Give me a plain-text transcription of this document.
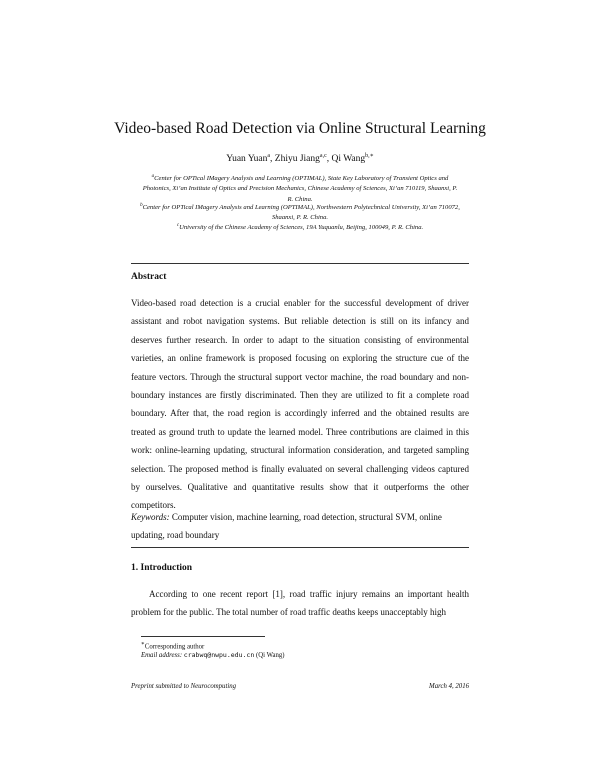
Video-based Road Detection via Online Structural Learning
Yuan Yuan$^a$, Zhiyu Jiang$^{a,c}$, Qi Wang$^{b,∗}$
$^a$Center for OPTical IMagery Analysis and Learning (OPTIMAL), State Key Laboratory of Transient Optics and Photonics, Xi’an Institute of Optics and Precision Mechanics, Chinese Academy of Sciences, Xi’an 710119, Shaanxi, P. R. China.
$^b$Center for OPTical IMagery Analysis and Learning (OPTIMAL), Northwestern Polytechnical University, Xi’an 710072, Shaanxi, P. R. China.
$^c$University of the Chinese Academy of Sciences, 19A Yuquanlu, Beijing, 100049, P. R. China.
Abstract
Video-based road detection is a crucial enabler for the successful development of driver assistant and robot navigation systems. But reliable detection is still on its infancy and deserves further research. In order to adapt to the situation consisting of environmental varieties, an online framework is proposed focusing on exploring the structure cue of the feature vectors. Through the structural support vector machine, the road boundary and non-boundary instances are firstly discriminated. Then they are utilized to fit a complete road boundary. After that, the road region is accordingly inferred and the obtained results are treated as ground truth to update the learned model. Three contributions are claimed in this work: online-learning updating, structural information consideration, and targeted sampling selection. The proposed method is finally evaluated on several challenging videos captured by ourselves. Qualitative and quantitative results show that it outperforms the other competitors.
Keywords: Computer vision, machine learning, road detection, structural SVM, online updating, road boundary
1. Introduction
According to one recent report [1], road traffic injury remains an important health problem for the public. The total number of road traffic deaths keeps unacceptably high
∗Corresponding author
Email address: crabwq@nwpu.edu.cn (Qi Wang)
Preprint submitted to Neurocomputing	March 4, 2016
